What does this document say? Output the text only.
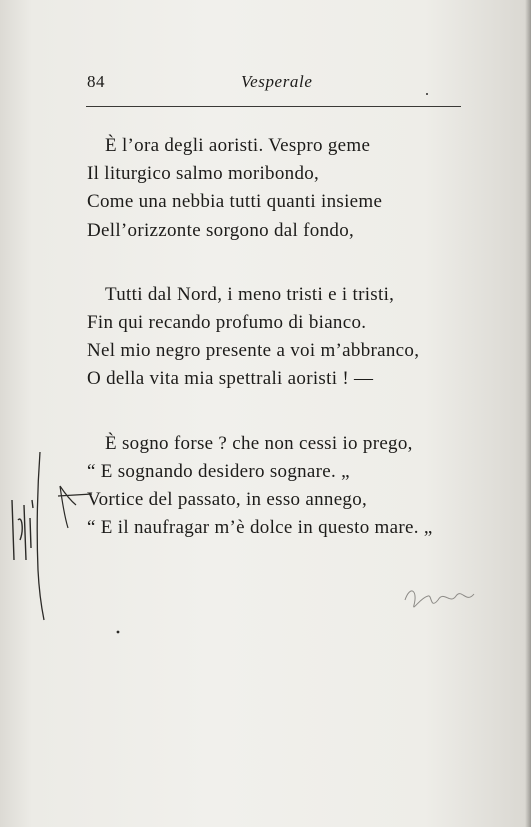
84	Vesperale
È l’ora degli aoristi. Vespro geme
Il liturgico salmo moribondo,
Come una nebbia tutti quanti insieme
Dell’orizzonte sorgono dal fondo,
Tutti dal Nord, i meno tristi e i tristi,
Fin qui recando profumo di bianco.
Nel mio negro presente a voi m’abbranco,
O della vita mia spettrali aoristi ! —
È sogno forse ? che non cessi io prego,
“ E sognando desidero sognare. „
Vortice del passato, in esso annego,
“ E il naufragar m’è dolce in questo mare. „
